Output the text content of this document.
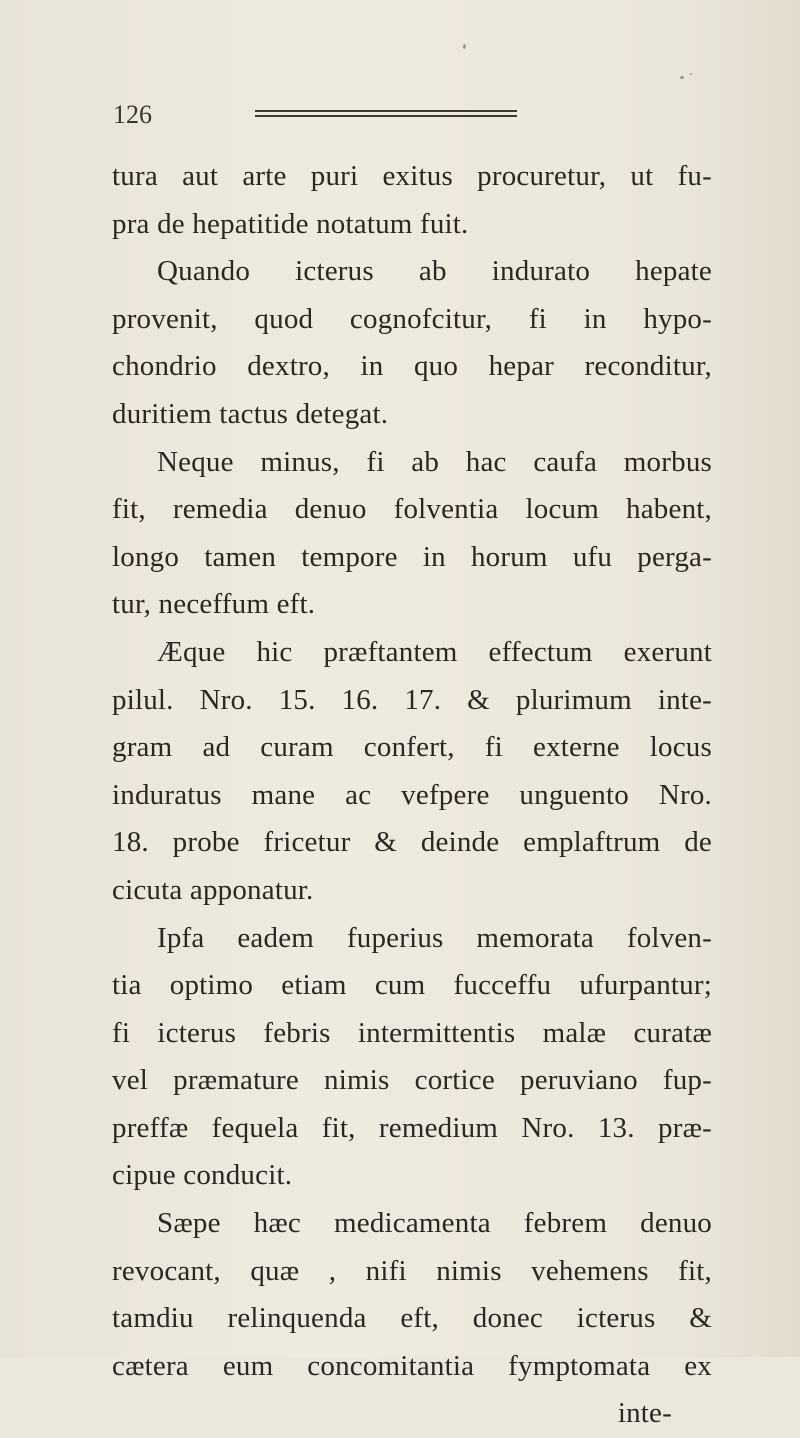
126
tura aut arte puri exitus procuretur, ut fu-
pra de hepatitide notatum fuit.
Quando icterus ab indurato hepate
provenit, quod cognofcitur, fi in hypo-
chondrio dextro, in quo hepar reconditur,
duritiem tactus detegat.
Neque minus, fi ab hac caufa morbus
fit, remedia denuo folventia locum habent,
longo tamen tempore in horum ufu perga-
tur, neceffum eft.
Æque hic præftantem effectum exerunt
pilul. Nro. 15. 16. 17. & plurimum inte-
gram ad curam confert, fi externe locus
induratus mane ac vefpere unguento Nro.
18. probe fricetur & deinde emplaftrum de
cicuta apponatur.
Ipfa eadem fuperius memorata folven-
tia optimo etiam cum fucceffu ufurpantur;
fi icterus febris intermittentis malæ curatæ
vel præmature nimis cortice peruviano fup-
preffæ fequela fit, remedium Nro. 13. præ-
cipue conducit.
Sæpe hæc medicamenta febrem denuo
revocant, quæ , nifi nimis vehemens fit,
tamdiu relinquenda eft, donec icterus &
cætera eum concomitantia fymptomata ex
inte-
